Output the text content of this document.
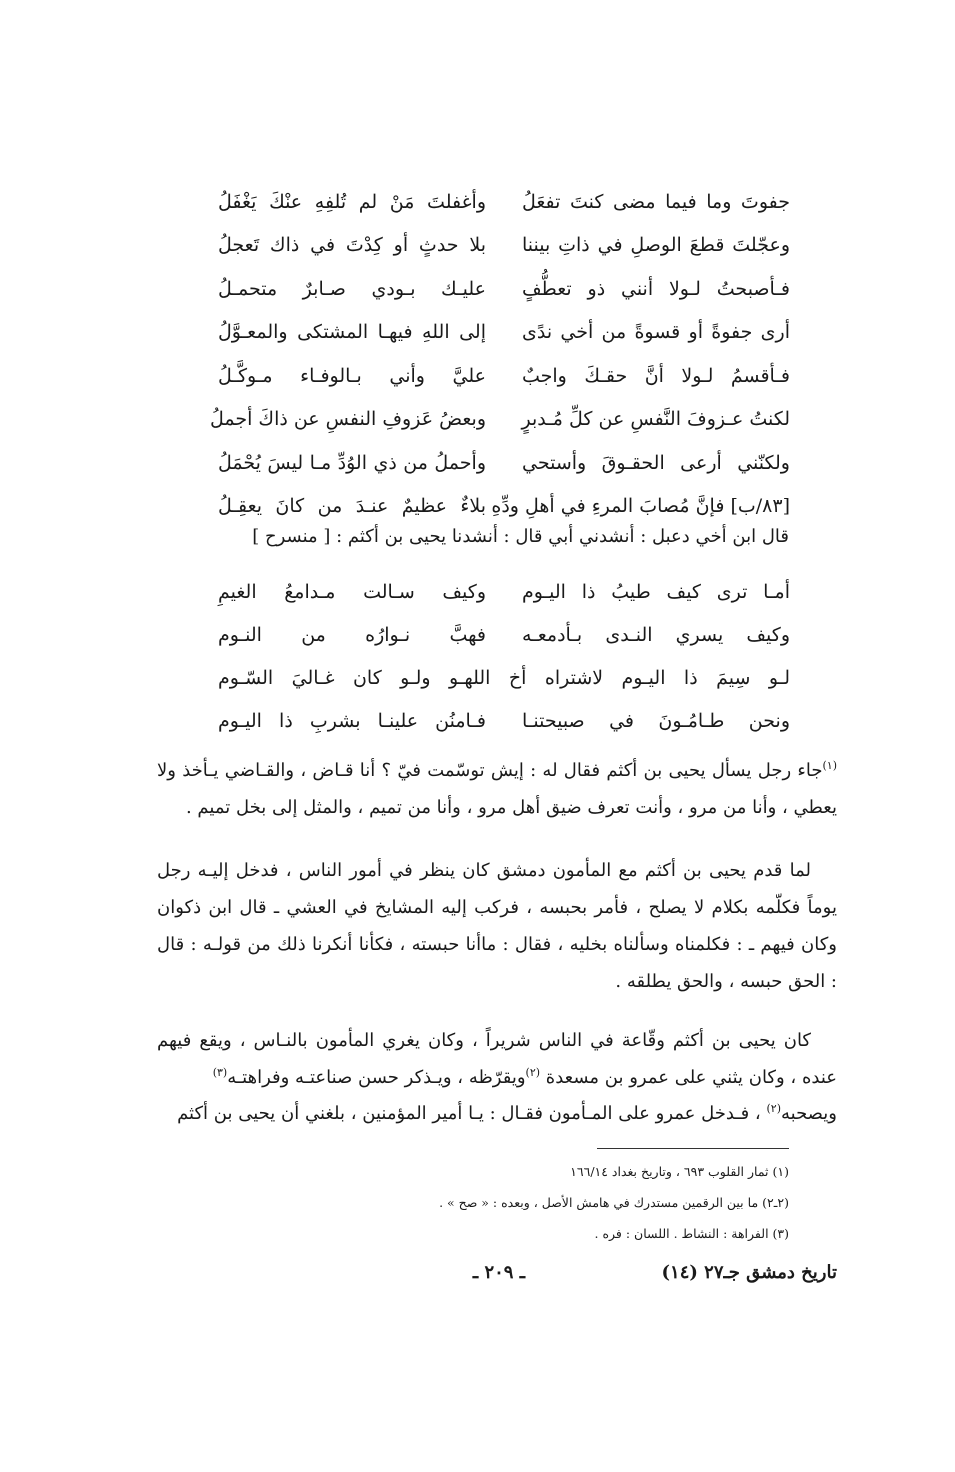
جفوتَ وما فيما مضى كنتَ تفعَلُ
وأغفلتَ مَنْ لم تُلفِهِ عنْكَ يَغْفَلُ
وعجّلتَ قطعَ الوصلِ في ذاتِ بيننا
بلا حدثٍ أو كِدْتَ في ذاك تَعجلُ
فـأصبحتُ لـولا أنني ذو تعطُّفٍ
عليـك بـودي صـابرٌ متحمـلُ
أرى جفوةً أو قسوةً من أخي ندًى
إلى اللهِ فيهـا المشتكى والمعـوَّلُ
فـأقسمُ لـولا أنَّ حقـكَ واجبٌ
عليَّ وأني بـالوفـاء مـوكَّـلُ
لكنتُ عـزوفَ النَّفسِ عن كلِّ مُـدبرٍ
وبعضُ عَزوفِ النفسِ عن ذاكَ أجملُ
ولكنّني أرعى الحقـوقَ وأستحي
وأحملُ من ذي الوُدِّ مـا ليسَ يُحْمَلُ
[٨٣/ب] فإنَّ مُصابَ المرءِ في أهلِ ودِّهِ
بلاءٌ عظيمٌ عنـدَ من كانَ يعقِـلُ
قال ابن أخي دعبل : أنشدني أبي قال : أنشدنا يحيى بن أكثم : [ منسرح ]
أمـا ترى كيف طيبُ ذا اليـوم
وكيف سـالت مـدامعُ الغيمِ
وكيف يسري النـدى بـأدمعـه
فهبَّ نـوارُه من النـوم
لـو سِيمَ ذا اليـوم لاشتراه أخ اللهـو ولـو كان غـاليَ السّـوم
ونحن طـامُـونَ في صبيحتنـا
فـامنُن علينـا بشربِ ذا اليـوم
$^{(١)}$جاء رجل يسأل يحيى بن أكثم فقال له : إيش توسّمت فيّ ؟ أنا قـاض ، والقـاضي يـأخذ ولا يعطي ، وأنا من مرو ، وأنت تعرف ضيق أهل مرو ، وأنا من تميم ، والمثل إلى بخل تميم .
لما قدم يحيى بن أكثم مع المأمون دمشق كان ينظر في أمور الناس ، فدخل إليـه رجل يوماً فكلّمه بكلام لا يصلح ، فأمر بحبسه ، فركب إليه المشايخ في العشي ـ قال ابن ذكوان وكان فيهم ـ : فكلمناه وسألناه بخليه ، فقال : ماأنا حبسته ، فكأنا أنكرنا ذلك من قولـه : قال : الحق حبسه ، والحق يطلقه .
كان يحيى بن أكثم وقّاعة في الناس شريراً ، وكان يغري المأمون بالنـاس ، ويقع فيهم عنده ، وكان يثني على عمرو بن مسعدة $^{(٢)}$ويقرّظه ، ويـذكر حسن صناعتـه وفراهتـه$^{(٣)}$
ويصحبه$^{(٢)}$ ، فـدخل عمرو على المـأمون فقـال : يـا أمير المؤمنين ، بلغني أن يحيى بن أكثم
(١) ثمار القلوب ٦٩٣ ، وتاريخ بغداد ١٦٦/١٤
(٢ـ٢) ما بين الرقمين مستدرك في هامش الأصل ، وبعده : « صح » .
(٣) الفراهة : النشاط . اللسان : فره .
تاريخ دمشق جـ٢٧ (١٤)
ـ ٢٠٩ ـ
